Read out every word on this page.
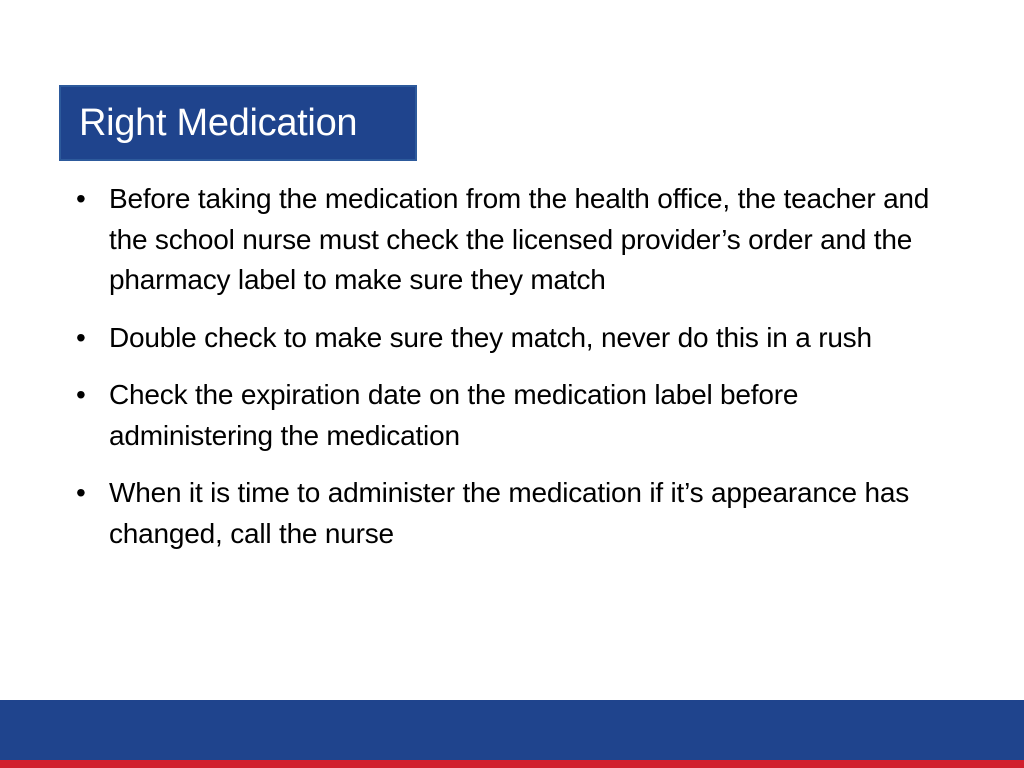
Right Medication
• Before taking the medication from the health office, the teacher and the school nurse must check the licensed provider’s order and the pharmacy label to make sure they match
• Double check to make sure they match, never do this in a rush
• Check the expiration date on the medication label before administering the medication
• When it is time to administer the medication if it’s appearance has changed, call the nurse
